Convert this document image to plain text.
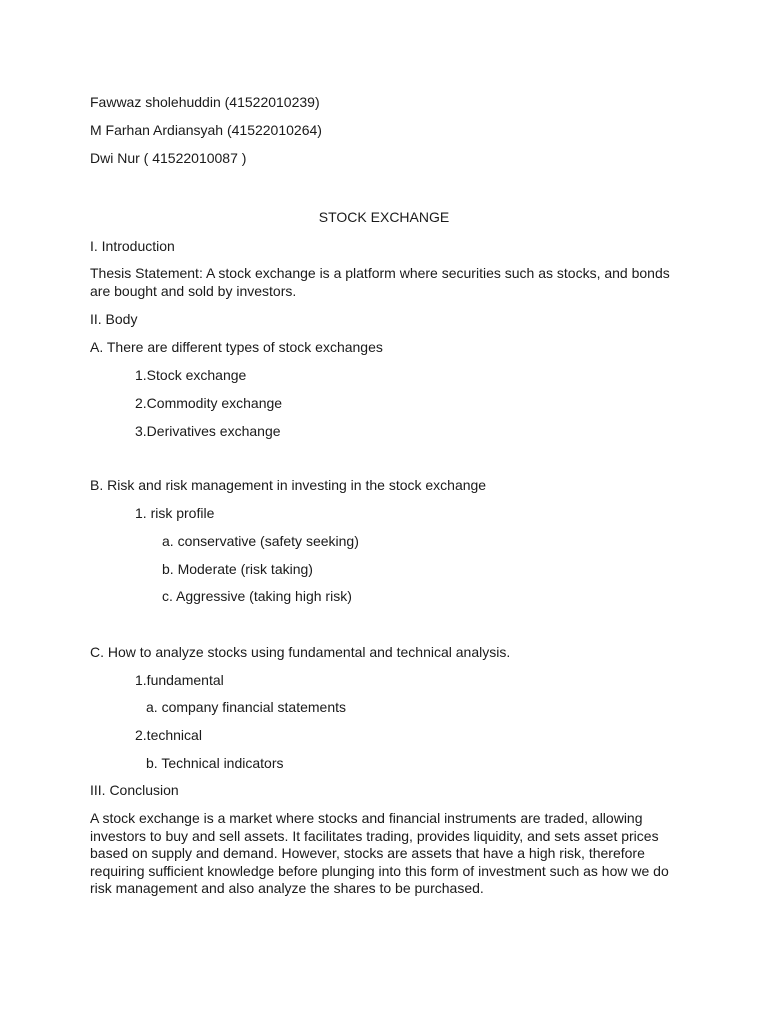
Fawwaz sholehuddin (41522010239)
M Farhan Ardiansyah (41522010264)
Dwi Nur ( 41522010087 )
STOCK EXCHANGE
I. Introduction
Thesis Statement: A stock exchange is a platform where securities such as stocks, and bonds are bought and sold by investors.
II. Body
A. There are different types of stock exchanges
1.Stock exchange
2.Commodity exchange
3.Derivatives exchange
B. Risk and risk management in investing in the stock exchange
1. risk profile
a. conservative (safety seeking)
b. Moderate (risk taking)
c. Aggressive (taking high risk)
C. How to analyze stocks using fundamental and technical analysis.
1.fundamental
a. company financial statements
2.technical
b. Technical indicators
III. Conclusion
A stock exchange is a market where stocks and financial instruments are traded, allowing investors to buy and sell assets. It facilitates trading, provides liquidity, and sets asset prices based on supply and demand. However, stocks are assets that have a high risk, therefore requiring sufficient knowledge before plunging into this form of investment such as how we do risk management and also analyze the shares to be purchased.
